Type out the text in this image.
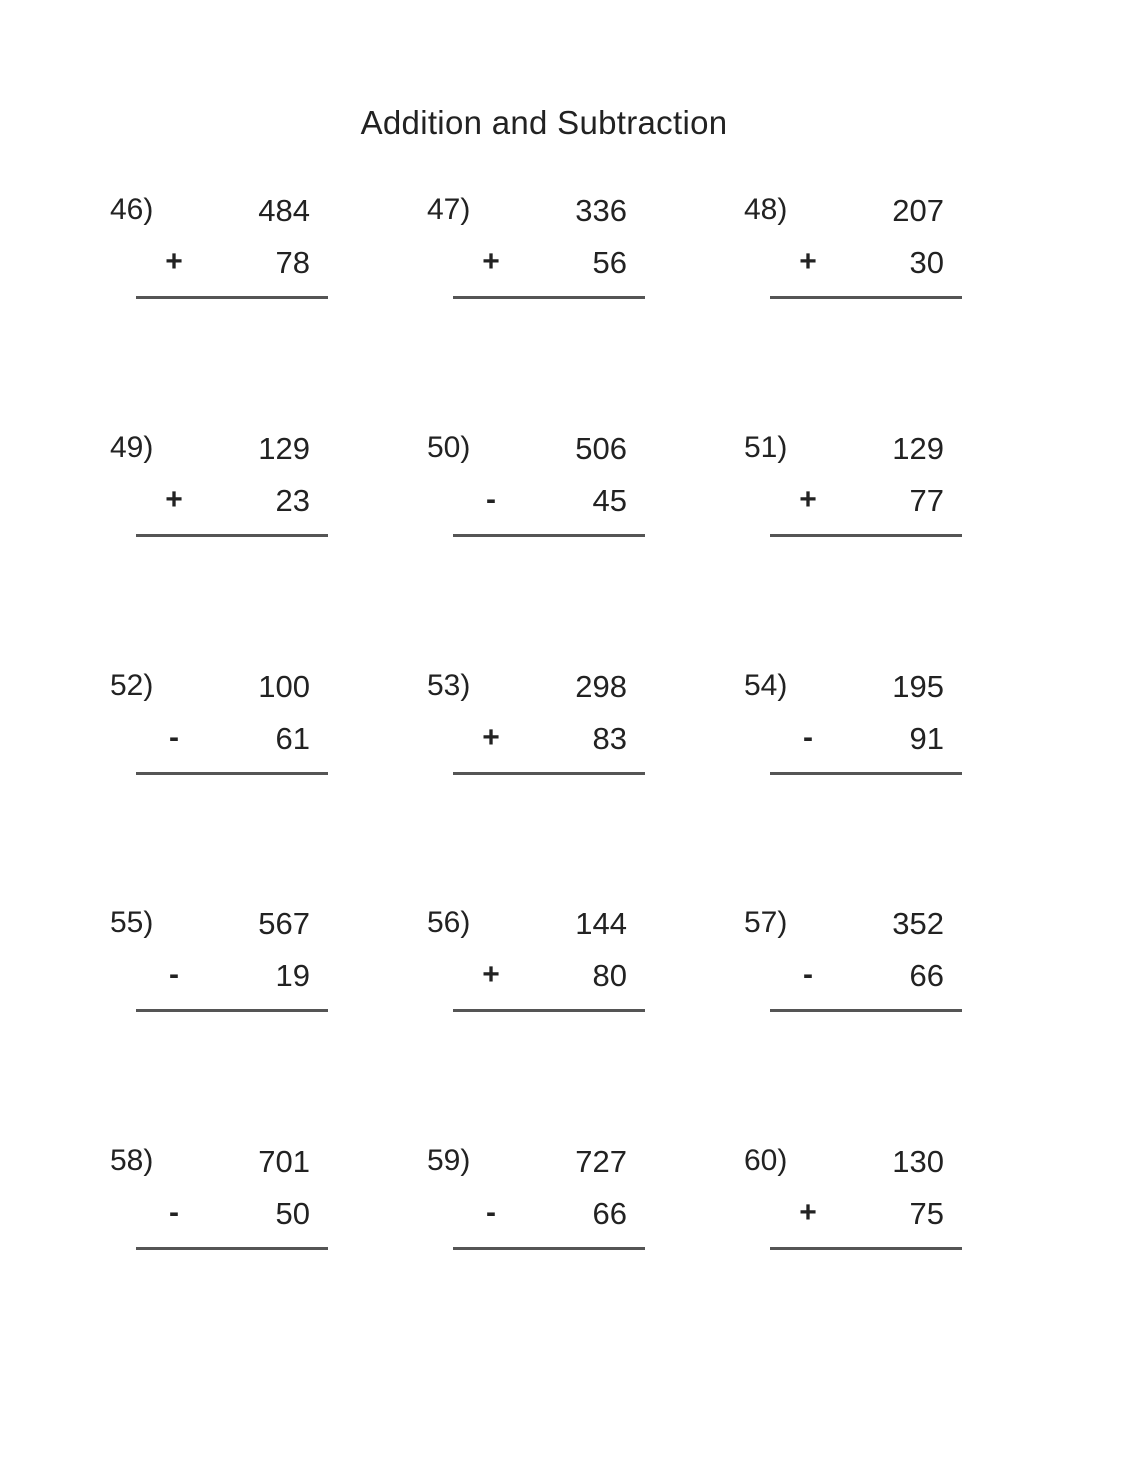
Addition and Subtraction
46)	484
+	78
47)	336
+	56
48)	207
+	30
49)	129
+	23
50)	506
-	45
51)	129
+	77
52)	100
-	61
53)	298
+	83
54)	195
-	91
55)	567
-	19
56)	144
+	80
57)	352
-	66
58)	701
-	50
59)	727
-	66
60)	130
+	75
